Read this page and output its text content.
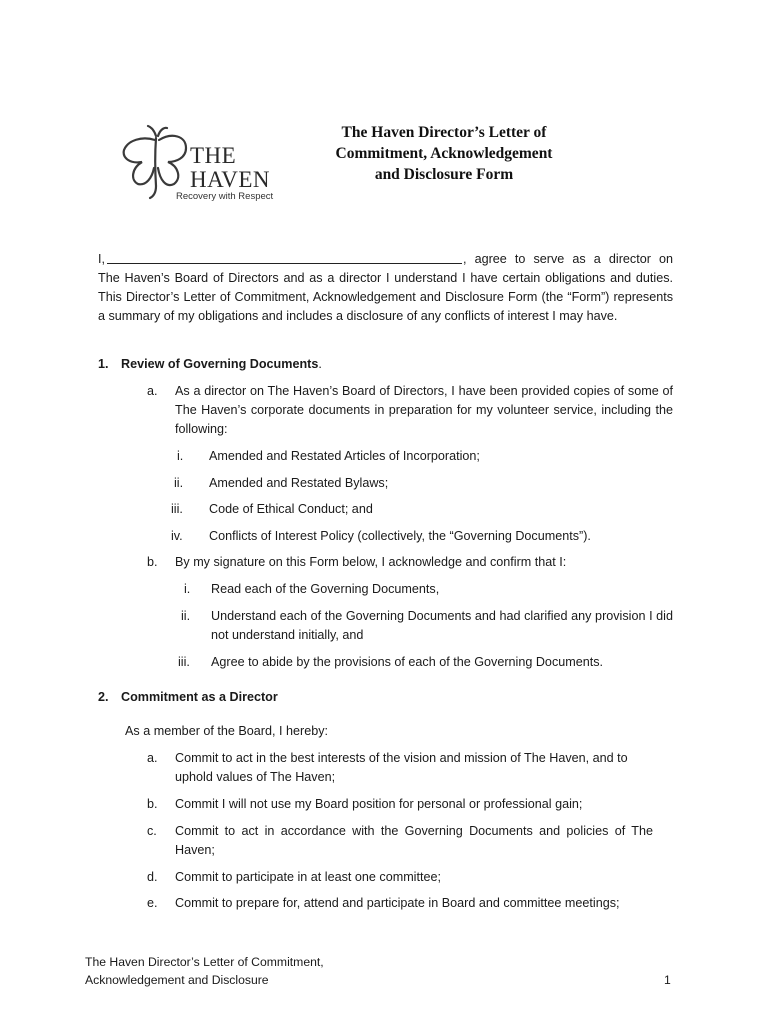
THE
HAVEN
Recovery with Respect
The Haven Director’s Letter of
Commitment, Acknowledgement
and Disclosure Form
I,	, agree to serve as a director on
The Haven’s Board of Directors and as a director I understand I have certain obligations and duties. This Director’s Letter of Commitment, Acknowledgement and Disclosure Form (the “Form”) represents a summary of my obligations and includes a disclosure of any conflicts of interest I may have.
1. Review of Governing Documents.
a. As a director on The Haven’s Board of Directors, I have been provided copies of some of The Haven’s corporate documents in preparation for my volunteer service, including the following:
i. Amended and Restated Articles of Incorporation;
ii. Amended and Restated Bylaws;
iii. Code of Ethical Conduct; and
iv. Conflicts of Interest Policy (collectively, the “Governing Documents”).
b. By my signature on this Form below, I acknowledge and confirm that I:
i. Read each of the Governing Documents,
ii. Understand each of the Governing Documents and had clarified any provision I did not understand initially, and
iii. Agree to abide by the provisions of each of the Governing Documents.
2. Commitment as a Director
As a member of the Board, I hereby:
a. Commit to act in the best interests of the vision and mission of The Haven, and to uphold values of The Haven;
b. Commit I will not use my Board position for personal or professional gain;
c. Commit to act in accordance with the Governing Documents and policies of The Haven;
d. Commit to participate in at least one committee;
e. Commit to prepare for, attend and participate in Board and committee meetings;
The Haven Director’s Letter of Commitment,
Acknowledgement and Disclosure	1
